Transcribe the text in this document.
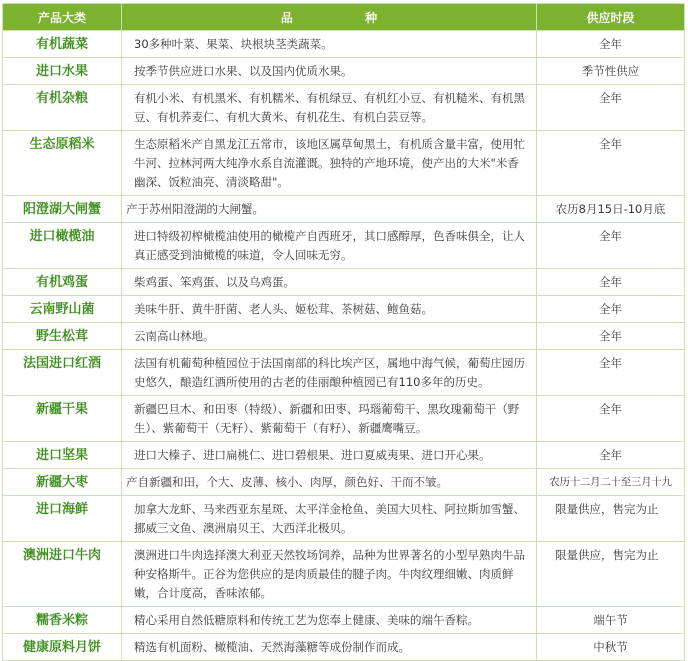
产品大类	品 种	供应时段
有机蔬菜	30多种叶菜、果菜、块根块茎类蔬菜。	全年
进口水果	按季节供应进口水果、以及国内优质水果。	季节性供应
有机杂粮	有机小米、有机黑米、有机糯米、有机绿豆、有机红小豆、有机糙米、有机黑豆、有机荞麦仁、有机大黄米、有机花生、有机白芸豆等。	全年
生态原稻米	生态原稻米产自黑龙江五常市，该地区属草甸黑土，有机质含量丰富，使用牤牛河、拉林河两大纯净水系自流灌溉。独特的产地环境，使产出的大米"米香幽深、饭粒油亮、清淡略甜"。	全年
阳澄湖大闸蟹	产于苏州阳澄湖的大闸蟹。	农历8月15日-10月底
进口橄榄油	进口特级初榨橄榄油使用的橄榄产自西班牙，其口感醇厚，色香味俱全，让人真正感受到油橄榄的味道，令人回味无穷。	全年
有机鸡蛋	柴鸡蛋、笨鸡蛋、以及乌鸡蛋。	全年
云南野山菌	美味牛肝、黄牛肝菌、老人头、姬松茸、茶树菇、鲍鱼菇。	全年
野生松茸	云南高山林地。	全年
法国进口红酒	法国有机葡萄种植园位于法国南部的科比埃产区，属地中海气候，葡萄庄园历史悠久，酿造红酒所使用的古老的佳丽酿种植园已有110多年的历史。	全年
新疆干果	新疆巴旦木、和田枣（特级）、新疆和田枣、玛瑙葡萄干、黑玫瑰葡萄干（野生）、紫葡萄干（无籽）、紫葡萄干（有籽）、新疆鹰嘴豆。	全年
进口坚果	进口大榛子、进口扁桃仁、进口碧根果、进口夏威夷果、进口开心果。	全年
新疆大枣	产自新疆和田，个大、皮薄、核小、肉厚，颜色好、干而不皱。	农历十二月二十至三月十九
进口海鲜	加拿大龙虾、马来西亚东星斑、太平洋金枪鱼、美国大贝柱、阿拉斯加雪蟹、挪威三文鱼、澳洲扇贝王、大西洋北极贝。	限量供应，售完为止
澳洲进口牛肉	澳洲进口牛肉选择澳大利亚天然牧场饲养，品种为世界著名的小型早熟肉牛品种安格斯牛。正谷为您供应的是肉质最佳的腱子肉。牛肉纹理细嫩、肉质鲜嫩，合计度高，香味浓郁。	限量供应，售完为止
糯香米粽	精心采用自然低糖原料和传统工艺为您奉上健康、美味的端午香粽。	端午节
健康原料月饼	精选有机面粉、橄榄油、天然海藻糖等成份制作而成。	中秋节
